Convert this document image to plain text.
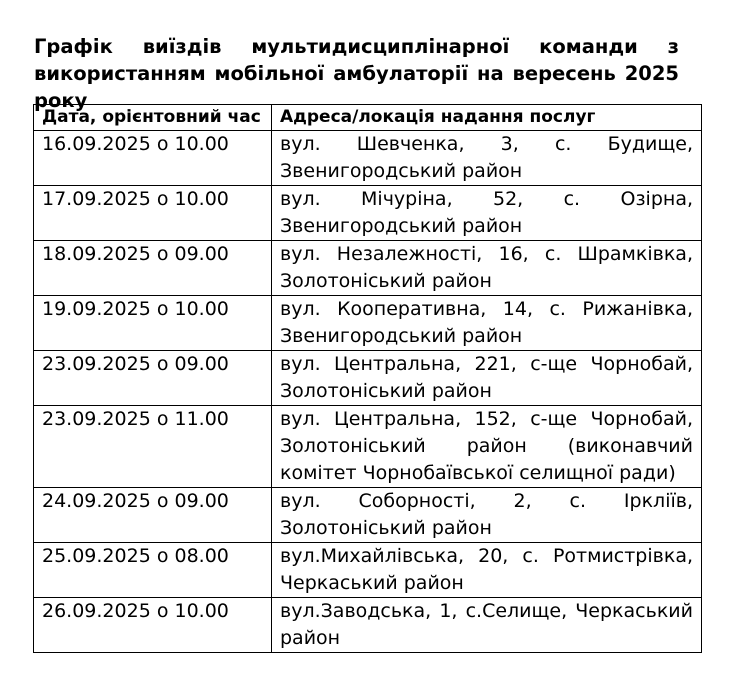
Графік виїздів мультидисциплінарної команди з використанням мобільної амбулаторії на вересень 2025 року
Дата, орієнтовний час	Адреса/локація надання послуг
16.09.2025 о 10.00	вул. Шевченка, 3, с. Будище, Звенигородський район
17.09.2025 о 10.00	вул. Мічуріна, 52, с. Озірна, Звенигородський район
18.09.2025 о 09.00	вул. Незалежності, 16, с. Шрамківка, Золотоніський район
19.09.2025 о 10.00	вул. Кооперативна, 14, с. Рижанівка, Звенигородський район
23.09.2025 о 09.00	вул. Центральна, 221, с-ще Чорнобай, Золотоніський район
23.09.2025 о 11.00	вул. Центральна, 152, с-ще Чорнобай, Золотоніський район (виконавчий комітет Чорнобаївської селищної ради)
24.09.2025 о 09.00	вул. Соборності, 2, с. Іркліїв, Золотоніський район
25.09.2025 о 08.00	вул.Михайлівська, 20, с. Ротмистрівка, Черкаський район
26.09.2025 о 10.00	вул.Заводська, 1, с.Селище, Черкаський район
